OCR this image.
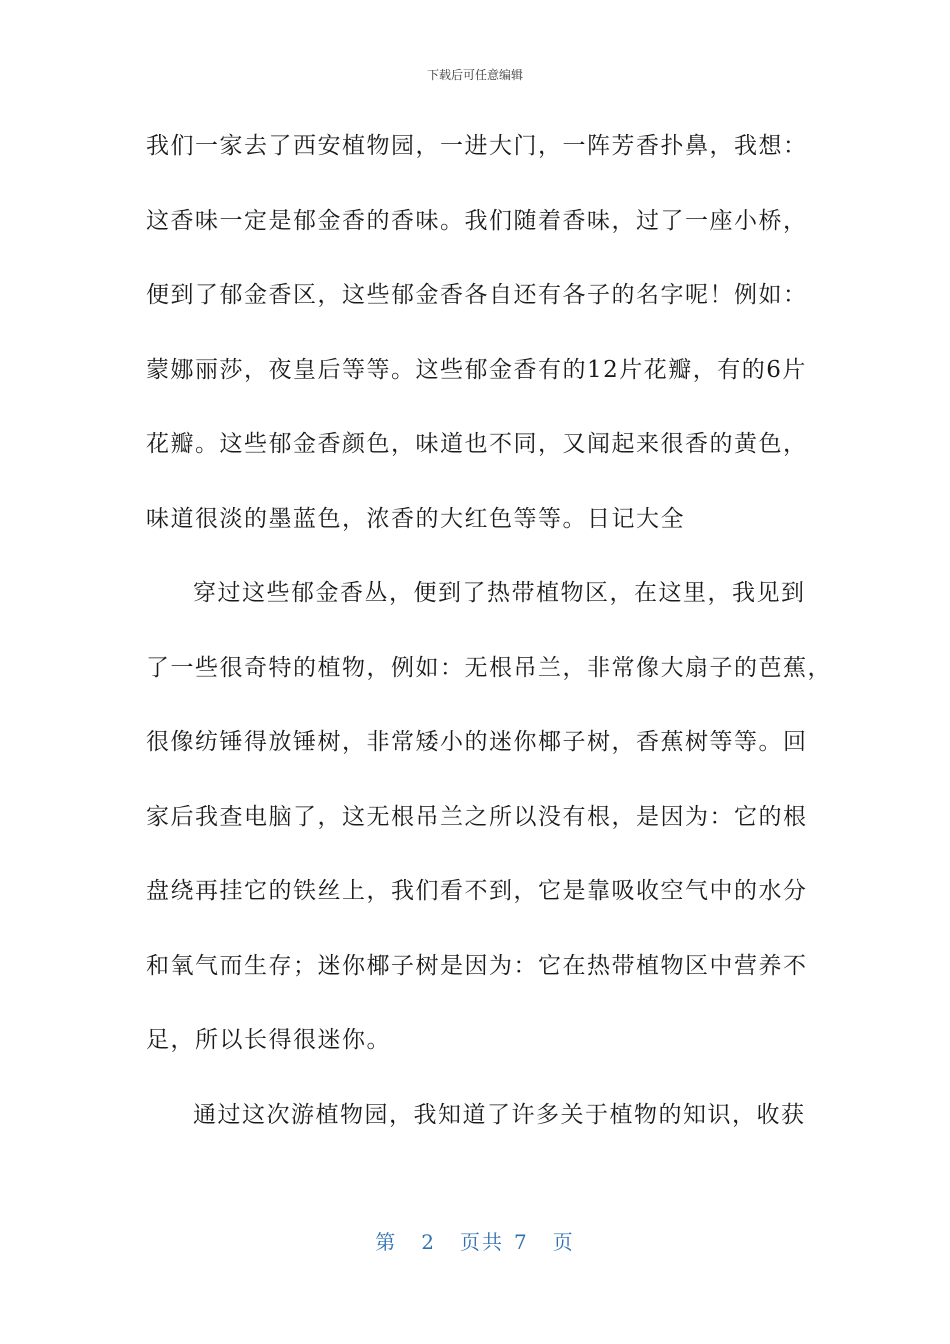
下载后可任意编辑
我们一家去了西安植物园，一进大门，一阵芳香扑鼻，我想：
这香味一定是郁金香的香味。我们随着香味，过了一座小桥，
便到了郁金香区，这些郁金香各自还有各子的名字呢！例如：
蒙娜丽莎，夜皇后等等。这些郁金香有的12片花瓣，有的6片
花瓣。这些郁金香颜色，味道也不同，又闻起来很香的黄色，
味道很淡的墨蓝色，浓香的大红色等等。日记大全
穿过这些郁金香丛，便到了热带植物区，在这里，我见到
了一些很奇特的植物，例如：无根吊兰，非常像大扇子的芭蕉，
很像纺锤得放锤树，非常矮小的迷你椰子树，香蕉树等等。回
家后我查电脑了，这无根吊兰之所以没有根，是因为：它的根
盘绕再挂它的铁丝上，我们看不到，它是靠吸收空气中的水分
和氧气而生存；迷你椰子树是因为：它在热带植物区中营养不
足，所以长得很迷你。
通过这次游植物园，我知道了许多关于植物的知识，收获
第 2 页共 7 页
